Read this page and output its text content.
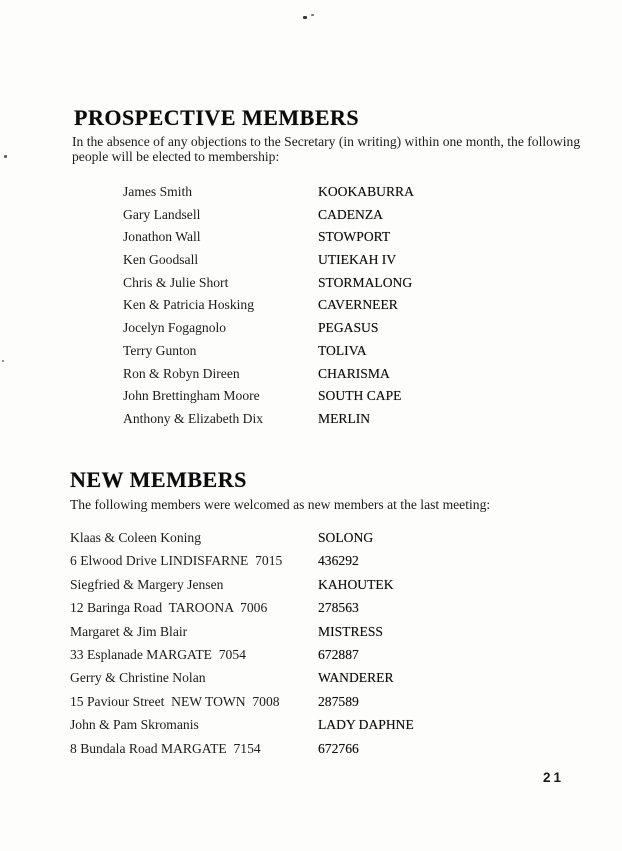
PROSPECTIVE MEMBERS

In the absence of any objections to the Secretary (in writing) within one month, the following people will be elected to membership:

James Smith	KOOKABURRA
Gary Landsell	CADENZA
Jonathon Wall	STOWPORT
Ken Goodsall	UTIEKAH IV
Chris & Julie Short	STORMALONG
Ken & Patricia Hosking	CAVERNEER
Jocelyn Fogagnolo	PEGASUS
Terry Gunton	TOLIVA
Ron & Robyn Direen	CHARISMA
John Brettingham Moore	SOUTH CAPE
Anthony & Elizabeth Dix	MERLIN
NEW MEMBERS

The following members were welcomed as new members at the last meeting:

Klaas & Coleen Koning	SOLONG
6 Elwood Drive LINDISFARNE  7015	436292
Siegfried & Margery Jensen	KAHOUTEK
12 Baringa Road  TAROONA  7006	278563
Margaret & Jim Blair	MISTRESS
33 Esplanade MARGATE  7054	672887
Gerry & Christine Nolan	WANDERER
15 Paviour Street  NEW TOWN  7008	287589
John & Pam Skromanis	LADY DAPHNE
8 Bundala Road MARGATE  7154	672766
21
